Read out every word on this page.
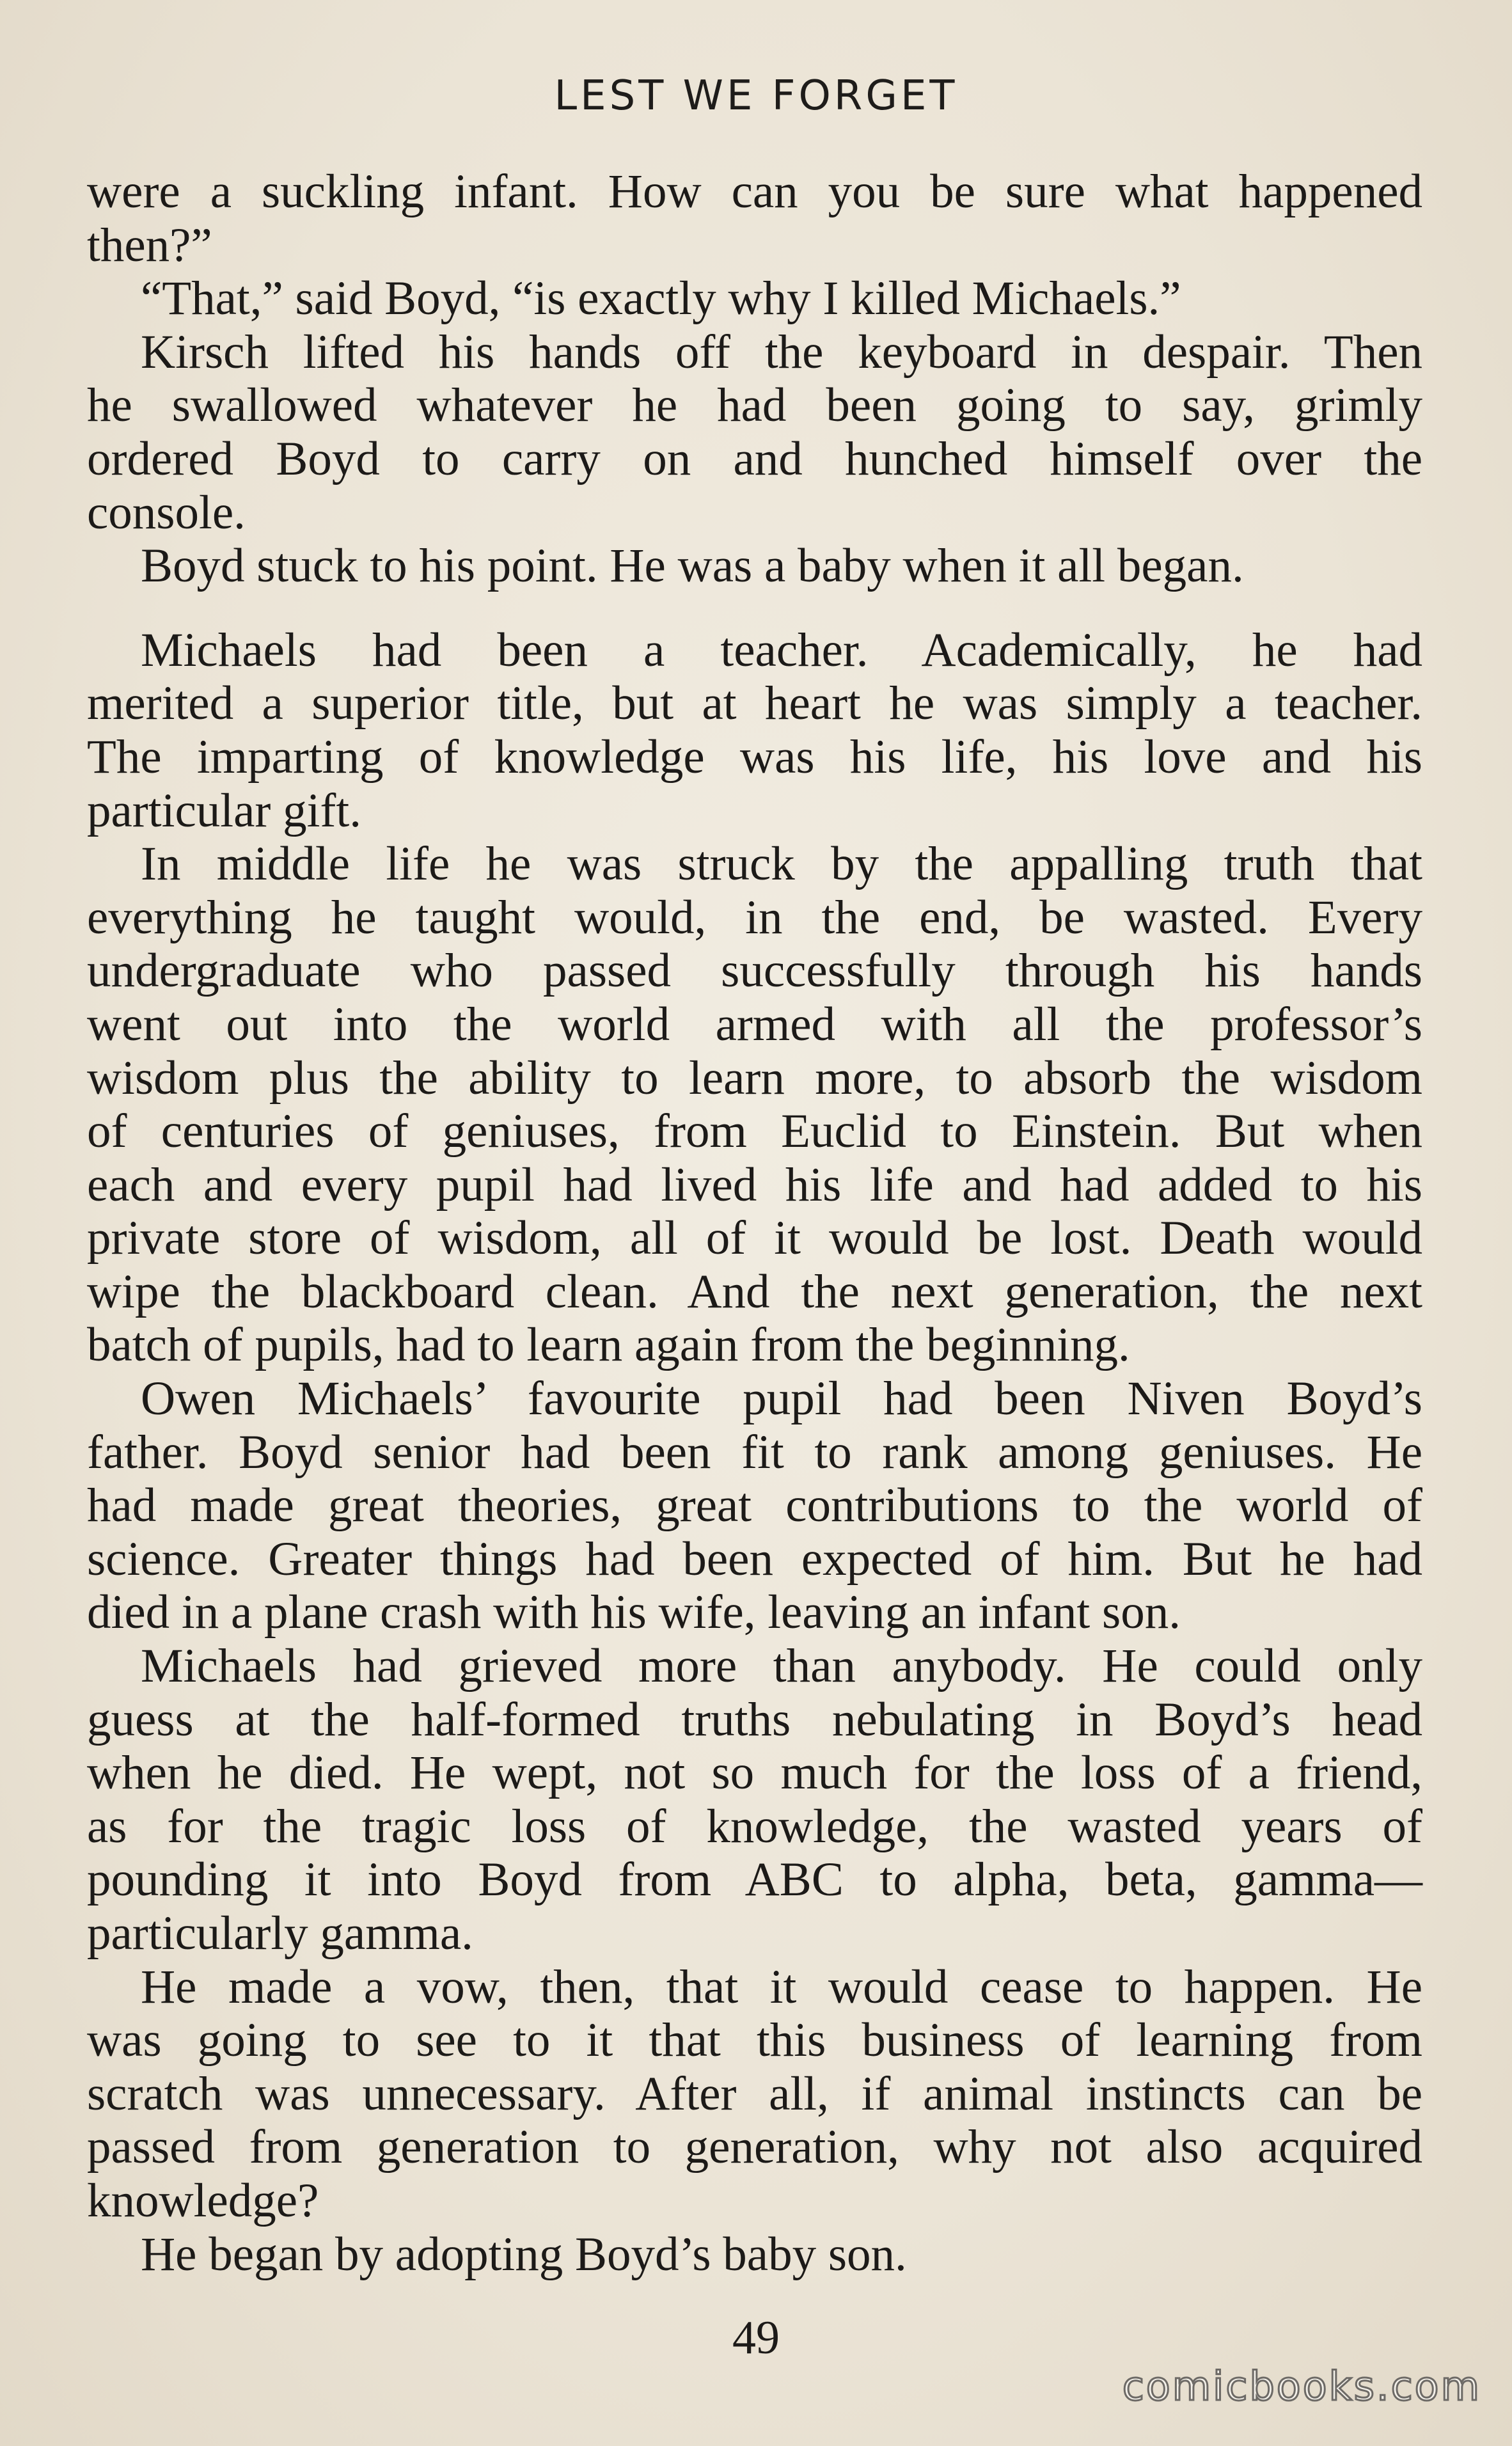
LEST WE FORGET

were a suckling infant. How can you be sure what happened
then?”

“That,” said Boyd, “is exactly why I killed Michaels.”

Kirsch lifted his hands off the keyboard in despair. Then
he swallowed whatever he had been going to say, grimly
ordered Boyd to carry on and hunched himself over the
console.

Boyd stuck to his point. He was a baby when it all began.

Michaels had been a teacher. Academically, he had
merited a superior title, but at heart he was simply a teacher.
The imparting of knowledge was his life, his love and his
particular gift.

In middle life he was struck by the appalling truth that
everything he taught would, in the end, be wasted. Every
undergraduate who passed successfully through his hands
went out into the world armed with all the professor’s
wisdom plus the ability to learn more, to absorb the wisdom
of centuries of geniuses, from Euclid to Einstein. But when
each and every pupil had lived his life and had added to his
private store of wisdom, all of it would be lost. Death would
wipe the blackboard clean. And the next generation, the next
batch of pupils, had to learn again from the beginning.

Owen Michaels’ favourite pupil had been Niven Boyd’s
father. Boyd senior had been fit to rank among geniuses. He
had made great theories, great contributions to the world of
science. Greater things had been expected of him. But he had
died in a plane crash with his wife, leaving an infant son.

Michaels had grieved more than anybody. He could only
guess at the half-formed truths nebulating in Boyd’s head
when he died. He wept, not so much for the loss of a friend,
as for the tragic loss of knowledge, the wasted years of
pounding it into Boyd from ABC to alpha, beta, gamma—
particularly gamma.

He made a vow, then, that it would cease to happen. He
was going to see to it that this business of learning from
scratch was unnecessary. After all, if animal instincts can be
passed from generation to generation, why not also acquired
knowledge?

He began by adopting Boyd’s baby son.

49
comicbooks.com
